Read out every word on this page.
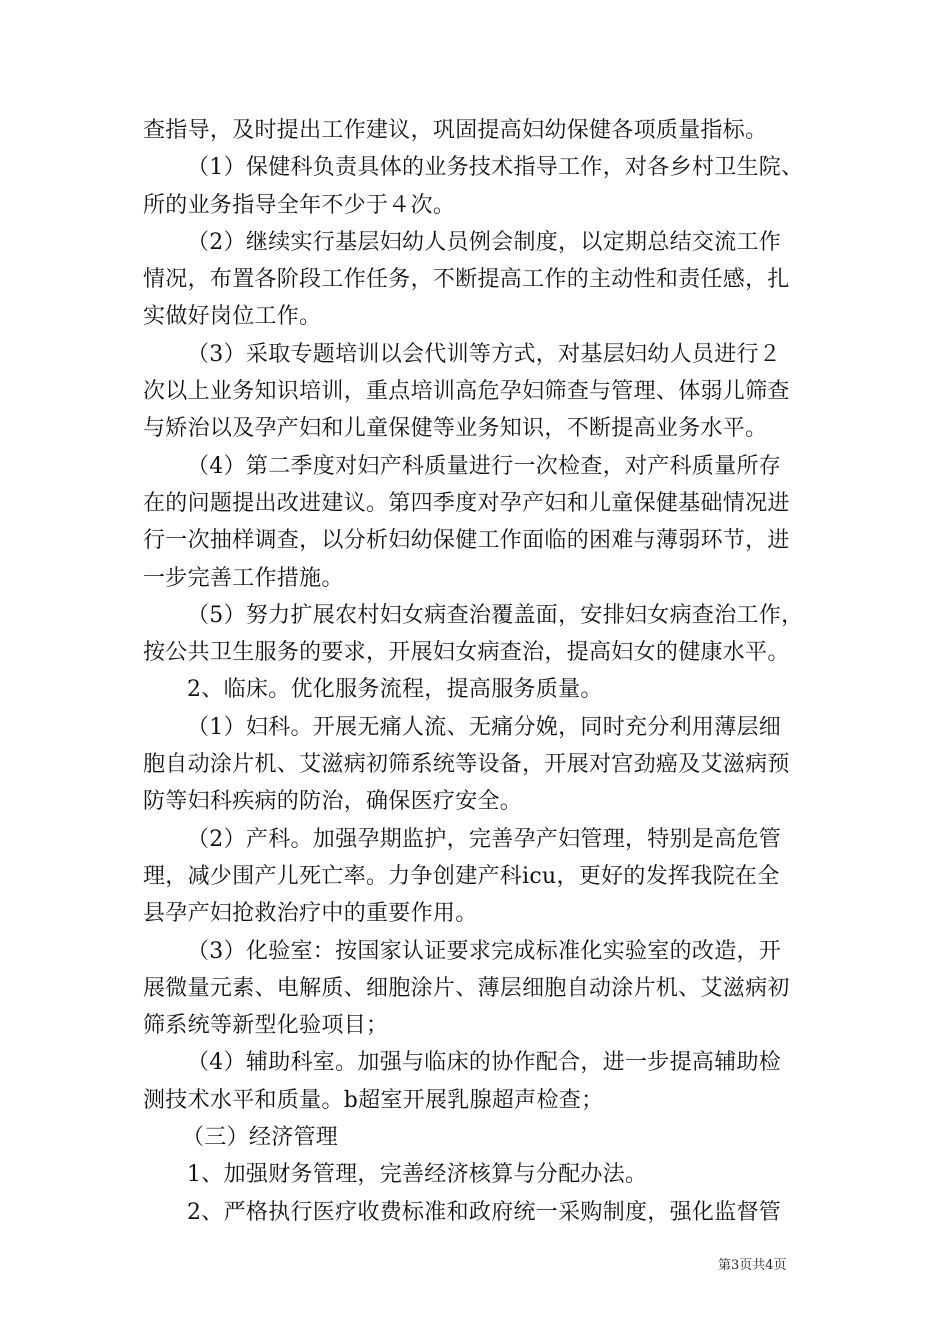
查指导，及时提出工作建议，巩固提高妇幼保健各项质量指标。
（1）保健科负责具体的业务技术指导工作，对各乡村卫生院、
所的业务指导全年不少于４次。
（2）继续实行基层妇幼人员例会制度，以定期总结交流工作
情况，布置各阶段工作任务，不断提高工作的主动性和责任感，扎
实做好岗位工作。
（3）采取专题培训以会代训等方式，对基层妇幼人员进行２
次以上业务知识培训，重点培训高危孕妇筛查与管理、体弱儿筛查
与矫治以及孕产妇和儿童保健等业务知识，不断提高业务水平。
（4）第二季度对妇产科质量进行一次检查，对产科质量所存
在的问题提出改进建议。第四季度对孕产妇和儿童保健基础情况进
行一次抽样调查，以分析妇幼保健工作面临的困难与薄弱环节，进
一步完善工作措施。
（5）努力扩展农村妇女病查治覆盖面，安排妇女病查治工作，
按公共卫生服务的要求，开展妇女病查治，提高妇女的健康水平。
2、临床。优化服务流程，提高服务质量。
（1）妇科。开展无痛人流、无痛分娩，同时充分利用薄层细
胞自动涂片机、艾滋病初筛系统等设备，开展对宫劲癌及艾滋病预
防等妇科疾病的防治，确保医疗安全。
（2）产科。加强孕期监护，完善孕产妇管理，特别是高危管
理，减少围产儿死亡率。力争创建产科icu，更好的发挥我院在全
县孕产妇抢救治疗中的重要作用。
（3）化验室：按国家认证要求完成标准化实验室的改造，开
展微量元素、电解质、细胞涂片、薄层细胞自动涂片机、艾滋病初
筛系统等新型化验项目；
（4）辅助科室。加强与临床的协作配合，进一步提高辅助检
测技术水平和质量。b超室开展乳腺超声检查；
（三）经济管理
1、加强财务管理，完善经济核算与分配办法。
2、严格执行医疗收费标准和政府统一采购制度，强化监督管
第3页共4页
